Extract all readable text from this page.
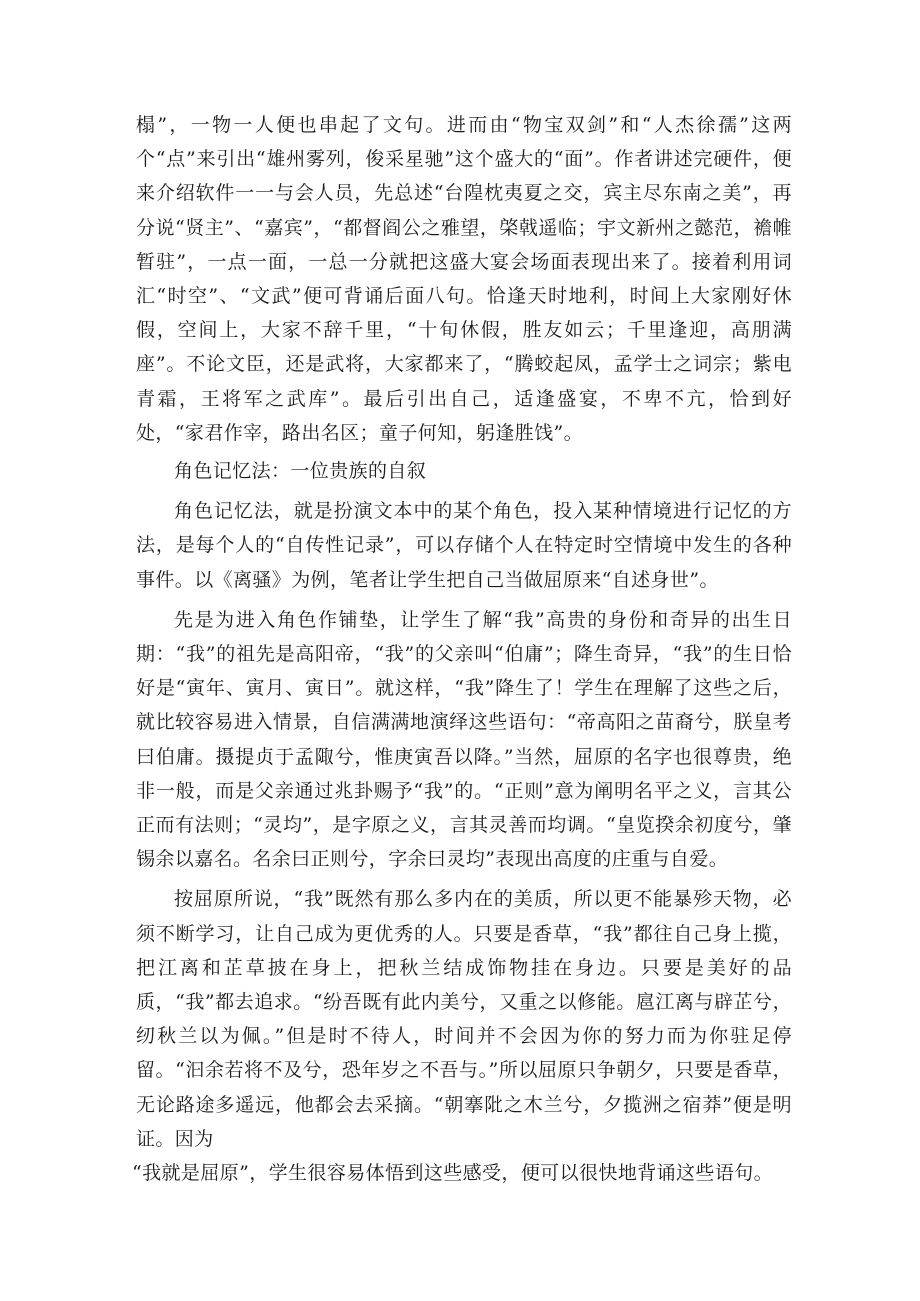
榻”，一物一人便也串起了文句。进而由“物宝双剑”和“人杰徐孺”这两个“点”来引出“雄州雾列，俊采星驰”这个盛大的“面”。作者讲述完硬件，便来介绍软件一一与会人员，先总述“台隍枕夷夏之交，宾主尽东南之美”，再分说“贤主”、“嘉宾”，“都督阎公之雅望，棨戟遥临；宇文新州之懿范，襜帷暂驻”，一点一面，一总一分就把这盛大宴会场面表现出来了。接着利用词汇“时空”、“文武”便可背诵后面八句。恰逢天时地利，时间上大家刚好休假，空间上，大家不辞千里，“十旬休假，胜友如云；千里逢迎，高朋满座”。不论文臣，还是武将，大家都来了，“腾蛟起凤，孟学士之词宗；紫电青霜，王将军之武库”。最后引出自己，适逢盛宴，不卑不亢，恰到好处，“家君作宰，路出名区；童子何知，躬逢胜饯”。

角色记忆法：一位贵族的自叙

角色记忆法，就是扮演文本中的某个角色，投入某种情境进行记忆的方法，是每个人的“自传性记录”，可以存储个人在特定时空情境中发生的各种事件。以《离骚》为例，笔者让学生把自己当做屈原来“自述身世”。

先是为进入角色作铺垫，让学生了解“我”高贵的身份和奇异的出生日期：“我”的祖先是高阳帝，“我”的父亲叫“伯庸”；降生奇异，“我”的生日恰好是“寅年、寅月、寅日”。就这样，“我”降生了！学生在理解了这些之后，就比较容易进入情景，自信满满地演绎这些语句：“帝高阳之苗裔兮，朕皇考曰伯庸。摄提贞于孟陬兮，惟庚寅吾以降。”当然，屈原的名字也很尊贵，绝非一般，而是父亲通过兆卦赐予“我”的。“正则”意为阐明名平之义，言其公正而有法则；“灵均”，是字原之义，言其灵善而均调。“皇览揆余初度兮，肇锡余以嘉名。名余曰正则兮，字余曰灵均”表现出高度的庄重与自爱。

按屈原所说，“我”既然有那么多内在的美质，所以更不能暴殄天物，必须不断学习，让自己成为更优秀的人。只要是香草，“我”都往自己身上揽，把江离和芷草披在身上，把秋兰结成饰物挂在身边。只要是美好的品质，“我”都去追求。“纷吾既有此内美兮，又重之以修能。扈江离与辟芷兮，纫秋兰以为佩。”但是时不待人，时间并不会因为你的努力而为你驻足停留。“汩余若将不及兮，恐年岁之不吾与。”所以屈原只争朝夕，只要是香草，无论路途多遥远，他都会去采摘。“朝搴阰之木兰兮，夕揽洲之宿莽”便是明证。因为

“我就是屈原”，学生很容易体悟到这些感受，便可以很快地背诵这些语句。
